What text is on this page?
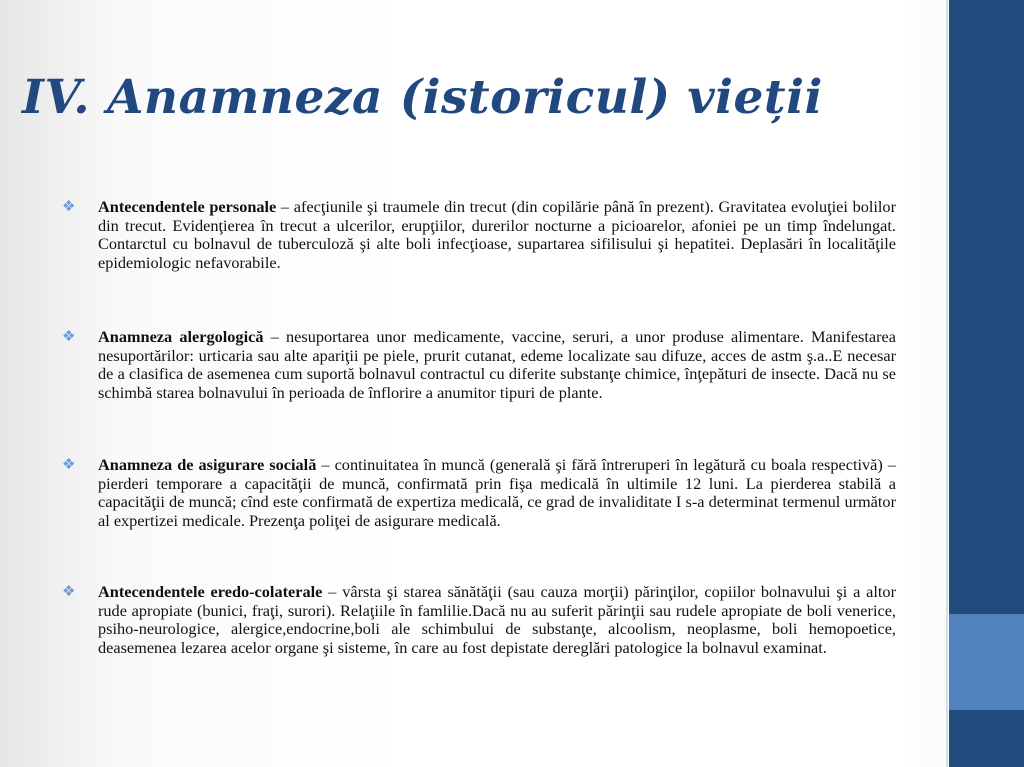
IV. Anamneza (istoricul) vieții

❖ Antecendentele personale – afecţiunile şi traumele din trecut (din copilărie până în prezent). Gravitatea evoluţiei bolilor din trecut. Evidenţierea în trecut a ulcerilor, erupţiilor, durerilor nocturne a picioarelor, afoniei pe un timp îndelungat. Contarctul cu bolnavul de tuberculoză şi alte boli infecţioase, supartarea sifilisului şi hepatitei. Deplasări în localităţile epidemiologic nefavorabile.

❖ Anamneza alergologică – nesuportarea unor medicamente, vaccine, seruri, a unor produse alimentare. Manifestarea nesuportărilor: urticaria sau alte apariţii pe piele, prurit cutanat, edeme localizate sau difuze, acces de astm ş.a..E necesar de a clasifica de asemenea cum suportă bolnavul contractul cu diferite substanţe chimice, înţepături de insecte. Dacă nu se schimbă starea bolnavului în perioada de înflorire a anumitor tipuri de plante.

❖ Anamneza de asigurare socială – continuitatea în muncă (generală şi fără întreruperi în legătură cu boala respectivă) – pierderi temporare a capacităţii de muncă, confirmată prin fişa medicală în ultimile 12 luni. La pierderea stabilă a capacităţii de muncă; cînd este confirmată de expertiza medicală, ce grad de invaliditate I s-a determinat termenul următor al expertizei medicale. Prezenţa poliţei de asigurare medicală.

❖ Antecendentele eredo-colaterale – vârsta şi starea sănătăţii (sau cauza morţii) părinţilor, copiilor bolnavului şi a altor rude apropiate (bunici, fraţi, surori). Relaţiile în famlilie.Dacă nu au suferit părinţii sau rudele apropiate de boli venerice, psiho-neurologice, alergice,endocrine,boli ale schimbului de substanţe, alcoolism, neoplasme, boli hemopoetice, deasemenea lezarea acelor organe şi sisteme, în care au fost depistate dereglări patologice la bolnavul examinat.
